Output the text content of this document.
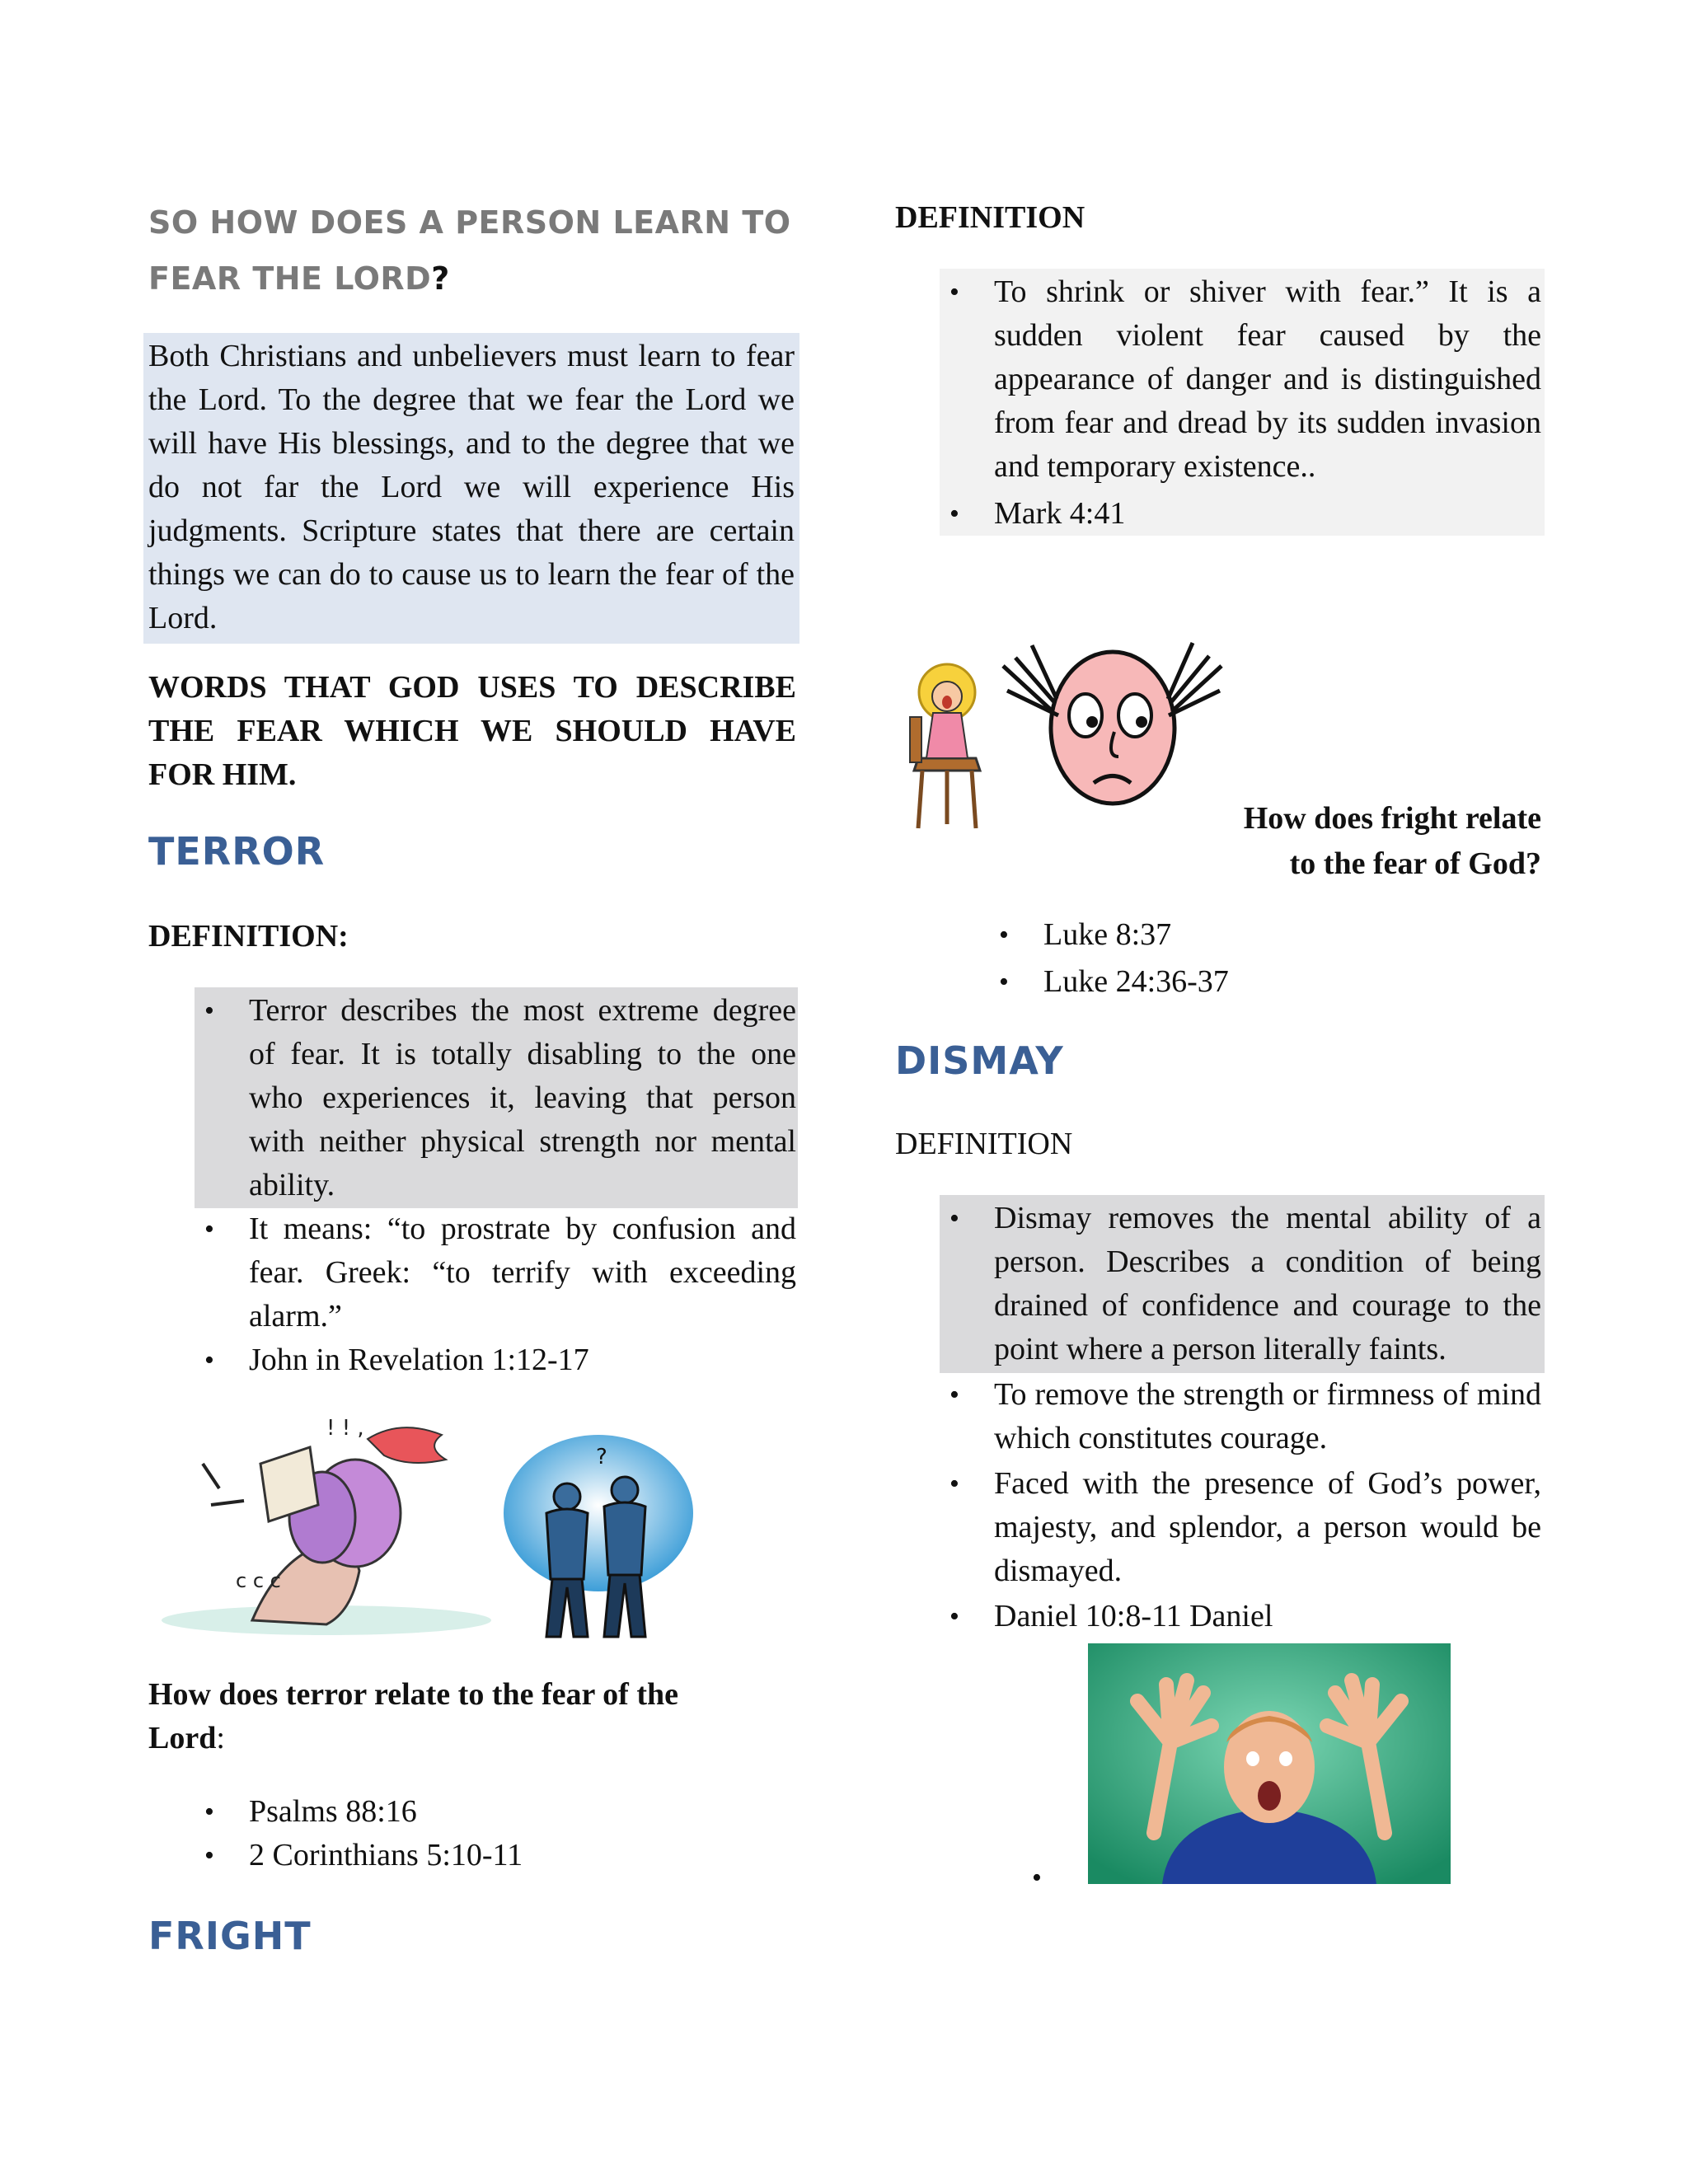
SO HOW DOES A PERSON LEARN TO
FEAR THE LORD?
Both Christians and unbelievers must learn to fear the Lord. To the degree that we fear the Lord we will have His blessings, and to the degree that we do not far the Lord we will experience His judgments. Scripture states that there are certain things we can do to cause us to learn the fear of the Lord.
WORDS THAT GOD USES TO DESCRIBE THE FEAR WHICH WE SHOULD HAVE FOR HIM.
TERROR
DEFINITION:
• Terror describes the most extreme degree of fear. It is totally disabling to the one who experiences it, leaving that person with neither physical strength nor mental ability.
• It means: “to prostrate by confusion and fear. Greek: “to terrify with exceeding alarm.”
• John in Revelation 1:12-17
! ! ,
c c c
?
How does terror relate to the fear of the Lord:
• Psalms 88:16
• 2 Corinthians 5:10-11
FRIGHT
DEFINITION
• To shrink or shiver with fear.” It is a sudden violent fear caused by the appearance of danger and is distinguished from fear and dread by its sudden invasion and temporary existence..
• Mark 4:41
How does fright relate
to the fear of God?
• Luke 8:37
• Luke 24:36-37
DISMAY
DEFINITION
• Dismay removes the mental ability of a person. Describes a condition of being drained of confidence and courage to the point where a person literally faints.
• To remove the strength or firmness of mind which constitutes courage.
• Faced with the presence of God’s power, majesty, and splendor, a person would be dismayed.
• Daniel 10:8-11 Daniel
•
